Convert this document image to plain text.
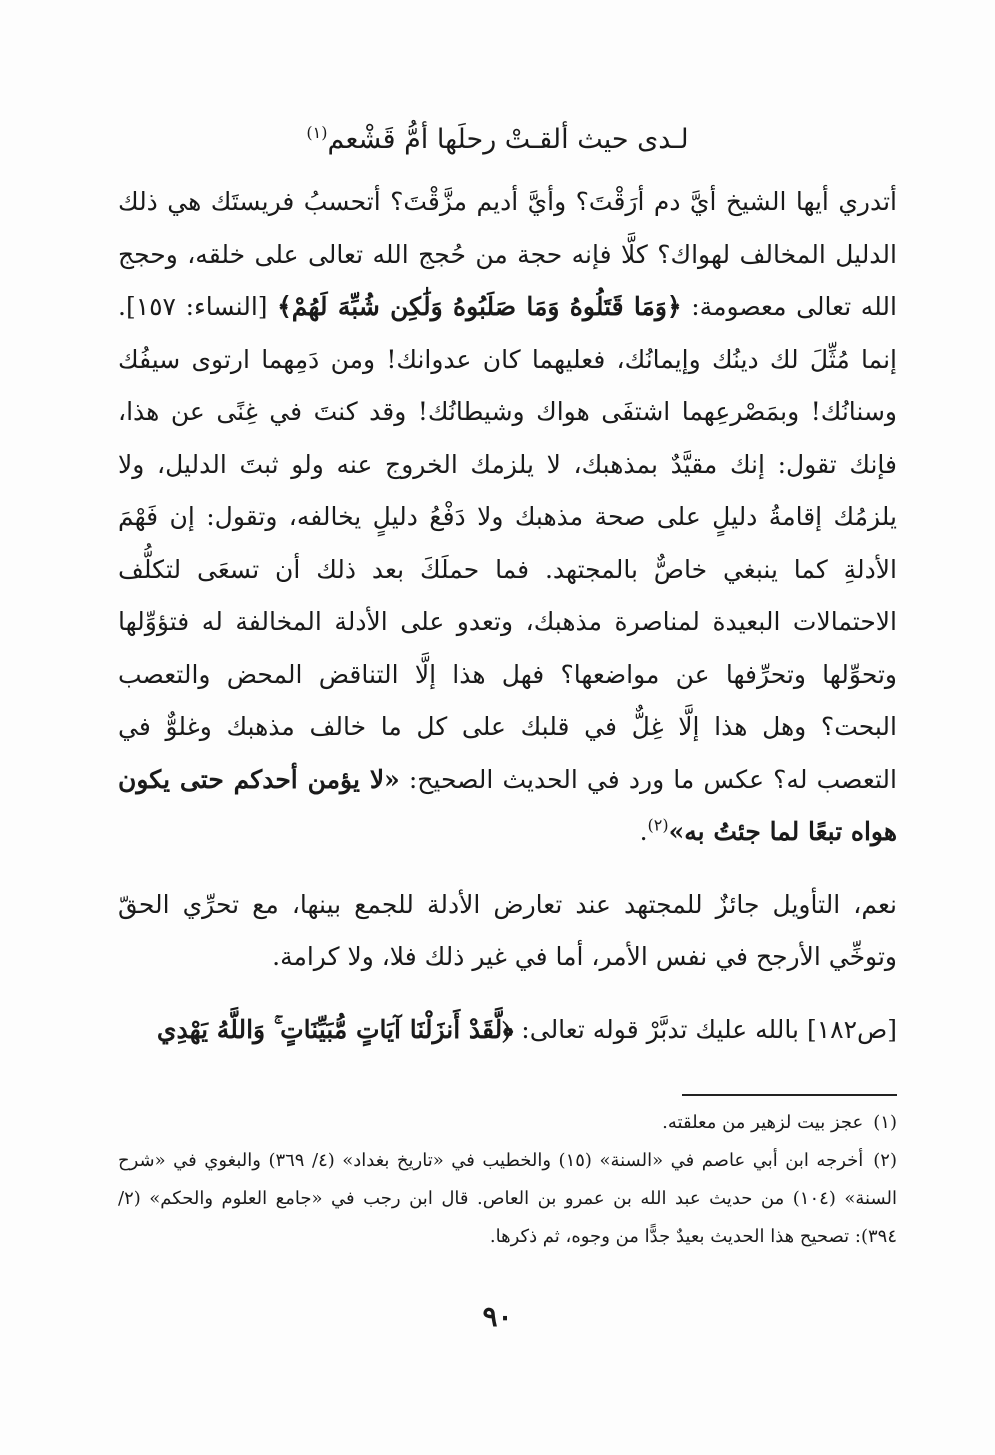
لـدى حيث ألقـتْ رحلَها أمُّ قَشْعم$^{(١)}$

أتدري أيها الشيخ أيَّ دم أرَقْتَ؟ وأيَّ أديم مزَّقْتَ؟ أتحسبُ فريستَك هي ذلك الدليل المخالف لهواك؟ كلَّا فإنه حجة من حُجج الله تعالى على خلقه، وحجج الله تعالى معصومة: ﴿وَمَا قَتَلُوهُ وَمَا صَلَبُوهُ وَلَٰكِن شُبِّهَ لَهُمْ﴾ [النساء: ١٥٧]. إنما مُثِّلَ لك دينُك وإيمانُك، فعليهما كان عدوانك! ومن دَمِهما ارتوى سيفُك وسنانُك! وبمَصْرعِهما اشتفَى هواك وشيطانُك! وقد كنتَ في غِنًى عن هذا، فإنك تقول: إنك مقيَّدٌ بمذهبك، لا يلزمك الخروج عنه ولو ثبتَ الدليل، ولا يلزمُك إقامةُ دليلٍ على صحة مذهبك ولا دَفْعُ دليلٍ يخالفه، وتقول: إن فَهْمَ الأدلةِ كما ينبغي خاصٌّ بالمجتهد. فما حملَكَ بعد ذلك أن تسعَى لتكلُّف الاحتمالات البعيدة لمناصرة مذهبك، وتعدو على الأدلة المخالفة له فتؤوِّلها وتحوِّلها وتحرِّفها عن مواضعها؟ فهل هذا إلَّا التناقض المحض والتعصب البحت؟ وهل هذا إلَّا غِلٌّ في قلبك على كل ما خالف مذهبك وغلوٌّ في التعصب له؟ عكس ما ورد في الحديث الصحيح: «لا يؤمن أحدكم حتى يكون هواه تبعًا لما جئتُ به»$^{(٢)}$.

نعم، التأويل جائزٌ للمجتهد عند تعارض الأدلة للجمع بينها، مع تحرِّي الحقّ وتوخِّي الأرجح في نفس الأمر، أما في غير ذلك فلا، ولا كرامة.

[ص١٨٢] بالله عليك تدبَّرْ قوله تعالى: ﴿لَّقَدْ أَنزَلْنَا آيَاتٍ مُّبَيِّنَاتٍ ۚ وَاللَّهُ يَهْدِي

(١)عجز بيت لزهير من معلقته.

(٢)أخرجه ابن أبي عاصم في «السنة» (١٥) والخطيب في «تاريخ بغداد» (٤/ ٣٦٩) والبغوي في «شرح السنة» (١٠٤) من حديث عبد الله بن عمرو بن العاص. قال ابن رجب في «جامع العلوم والحكم» (٢/ ٣٩٤): تصحيح هذا الحديث بعيدٌ جدًّا من وجوه، ثم ذكرها.

٩٠
